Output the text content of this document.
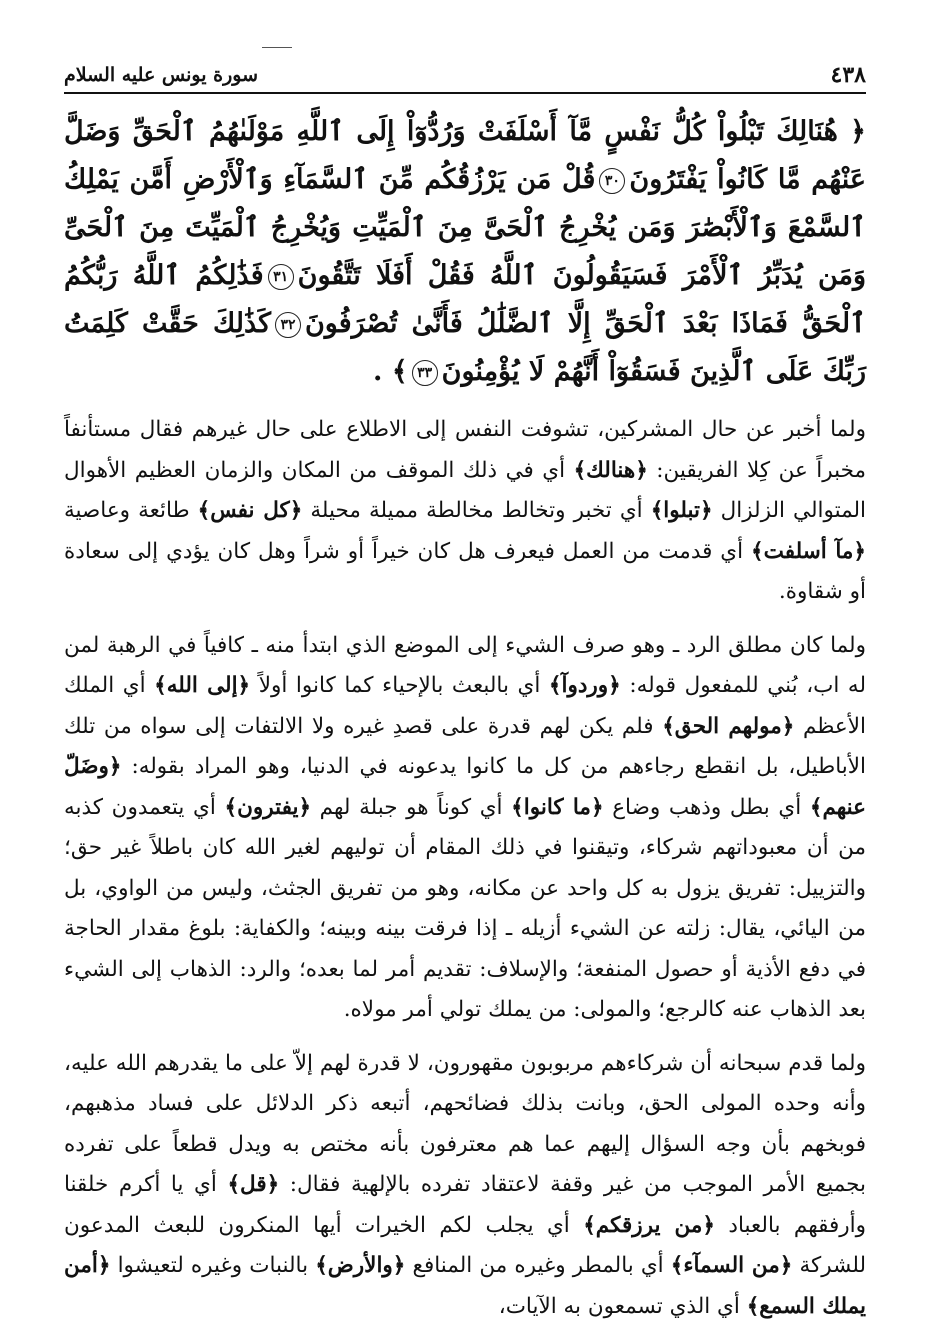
٤٣٨
سورة يونس عليه السلام
﴿ هُنَالِكَ تَبْلُواْ كُلُّ نَفْسٍ مَّآ أَسْلَفَتْ وَرُدُّوٓاْ إِلَى ٱللَّهِ مَوْلَىٰهُمُ ٱلْحَقِّ وَضَلَّ عَنْهُم مَّا كَانُواْ يَفْتَرُونَ٣٠قُلْ مَن يَرْزُقُكُم مِّنَ ٱلسَّمَآءِ وَٱلْأَرْضِ أَمَّن يَمْلِكُ ٱلسَّمْعَ وَٱلْأَبْصَٰرَ وَمَن يُخْرِجُ ٱلْحَىَّ مِنَ ٱلْمَيِّتِ وَيُخْرِجُ ٱلْمَيِّتَ مِنَ ٱلْحَىِّ وَمَن يُدَبِّرُ ٱلْأَمْرَ فَسَيَقُولُونَ ٱللَّهُ فَقُلْ أَفَلَا تَتَّقُونَ٣١فَذَٰلِكُمُ ٱللَّهُ رَبُّكُمُ ٱلْحَقُّ فَمَاذَا بَعْدَ ٱلْحَقِّ إِلَّا ٱلضَّلَٰلُ فَأَنَّىٰ تُصْرَفُونَ٣٢كَذَٰلِكَ حَقَّتْ كَلِمَتُ رَبِّكَ عَلَى ٱلَّذِينَ فَسَقُوٓاْ أَنَّهُمْ لَا يُؤْمِنُونَ٣٣﴾ .

ولما أخبر عن حال المشركين، تشوفت النفس إلى الاطلاع على حال غيرهم فقال مستأنفاً مخبراً عن كِلا الفريقين: ﴿هنالك﴾ أي في ذلك الموقف من المكان والزمان العظيم الأهوال المتوالي الزلزال ﴿تبلوا﴾ أي تخبر وتخالط مخالطة مميلة محيلة ﴿كل نفس﴾ طائعة وعاصية ﴿مآ أسلفت﴾ أي قدمت من العمل فيعرف هل كان خيراً أو شراً وهل كان يؤدي إلى سعادة أو شقاوة.

ولما كان مطلق الرد ـ وهو صرف الشيء إلى الموضع الذي ابتدأ منه ـ كافياً في الرهبة لمن له اب، بُني للمفعول قوله: ﴿وردوآ﴾ أي بالبعث بالإحياء كما كانوا أولاً ﴿إلى الله﴾ أي الملك الأعظم ﴿مولهم الحق﴾ فلم يكن لهم قدرة على قصدِ غيره ولا الالتفات إلى سواه من تلك الأباطيل، بل انقطع رجاءهم من كل ما كانوا يدعونه في الدنيا، وهو المراد بقوله: ﴿وضَلّ عنهم﴾ أي بطل وذهب وضاع ﴿ما كانوا﴾ أي كوناً هو جبلة لهم ﴿يفترون﴾ أي يتعمدون كذبه من أن معبوداتهم شركاء، وتيقنوا في ذلك المقام أن توليهم لغير الله كان باطلاً غير حق؛ والتزييل: تفريق يزول به كل واحد عن مكانه، وهو من تفريق الجثث، وليس من الواوي، بل من اليائي، يقال: زلته عن الشيء أزيله ـ إذا فرقت بينه وبينه؛ والكفاية: بلوغ مقدار الحاجة في دفع الأذية أو حصول المنفعة؛ والإسلاف: تقديم أمر لما بعده؛ والرد: الذهاب إلى الشيء بعد الذهاب عنه كالرجع؛ والمولى: من يملك تولي أمر مولاه.

ولما قدم سبحانه أن شركاءهم مربوبون مقهورون، لا قدرة لهم إلاّ على ما يقدرهم الله عليه، وأنه وحده المولى الحق، وبانت بذلك فضائحهم، أتبعه ذكر الدلائل على فساد مذهبهم، فوبخهم بأن وجه السؤال إليهم عما هم معترفون بأنه مختص به ويدل قطعاً على تفرده بجميع الأمر الموجب من غير وقفة لاعتقاد تفرده بالإلهية فقال: ﴿قل﴾ أي يا أكرم خلقنا وأرفقهم بالعباد ﴿من يرزقكم﴾ أي يجلب لكم الخيرات أيها المنكرون للبعث المدعون للشركة ﴿من السمآء﴾ أي بالمطر وغيره من المنافع ﴿والأرض﴾ بالنبات وغيره لتعيشوا ﴿أمن يملك السمع﴾ أي الذي تسمعون به الآيات،
